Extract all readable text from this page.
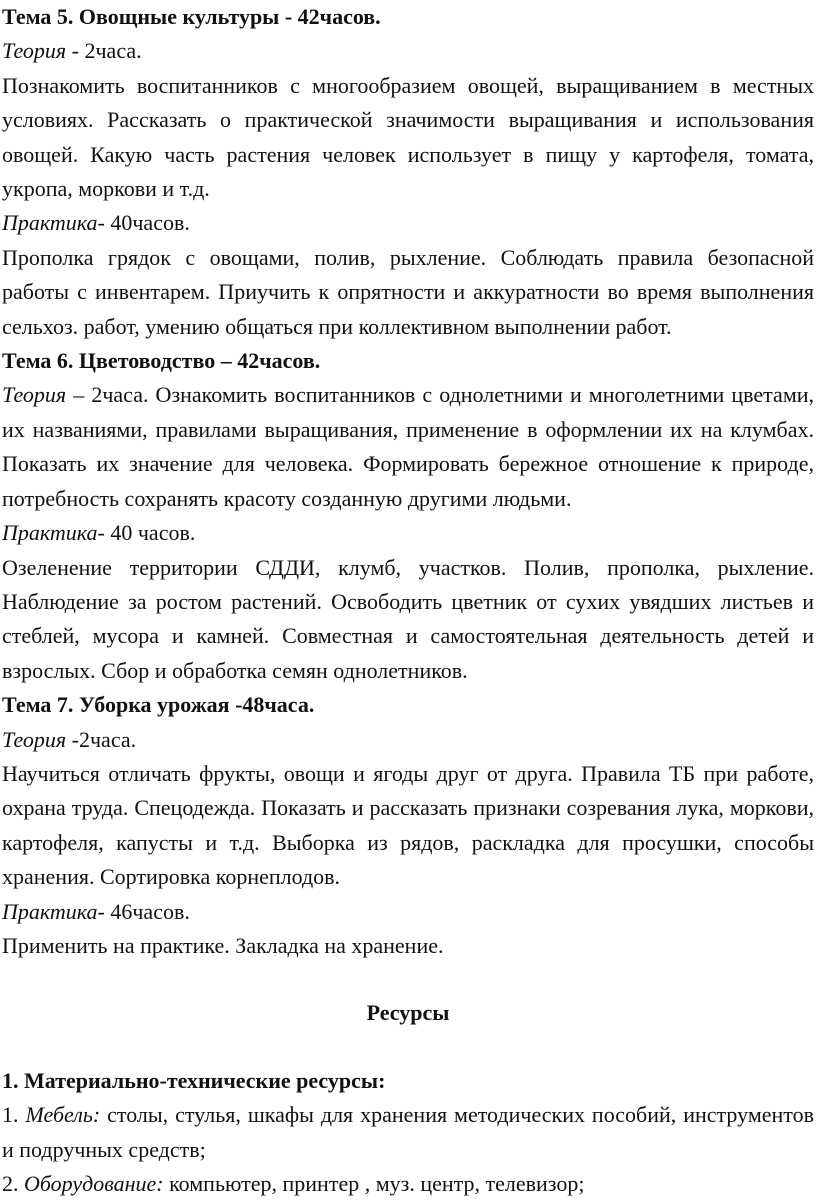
Тема 5. Овощные культуры - 42часов.

Теория - 2часа.

Познакомить воспитанников с многообразием овощей, выращиванием в местных условиях. Рассказать о практической значимости выращивания и использования овощей. Какую часть растения человек использует в пищу у картофеля, томата, укропа, моркови и т.д.

Практика- 40часов.

Прополка грядок с овощами, полив, рыхление. Соблюдать правила безопасной работы с инвентарем. Приучить к опрятности и аккуратности во время выполнения сельхоз. работ, умению общаться при коллективном выполнении работ.

Тема 6. Цветоводство – 42часов.

Теория – 2часа. Ознакомить воспитанников с однолетними и многолетними цветами, их названиями, правилами выращивания, применение в оформлении их на клумбах. Показать их значение для человека. Формировать бережное отношение к природе, потребность сохранять красоту созданную другими людьми.

Практика- 40 часов.

Озеленение территории СДДИ, клумб, участков. Полив, прополка, рыхление. Наблюдение за ростом растений. Освободить цветник от сухих увядших листьев и стеблей, мусора и камней. Совместная и самостоятельная деятельность детей и взрослых. Сбор и обработка семян однолетников.

Тема 7. Уборка урожая -48часа.

Теория -2часа.

Научиться отличать фрукты, овощи и ягоды друг от друга. Правила ТБ при работе, охрана труда. Спецодежда. Показать и рассказать признаки созревания лука, моркови, картофеля, капусты и т.д. Выборка из рядов, раскладка для просушки, способы хранения. Сортировка корнеплодов.

Практика- 46часов.

Применить на практике. Закладка на хранение.

Ресурсы

1. Материально-технические ресурсы:

1. Мебель: столы, стулья, шкафы для хранения методических пособий, инструментов и подручных средств;

2. Оборудование: компьютер, принтер , муз. центр, телевизор;
